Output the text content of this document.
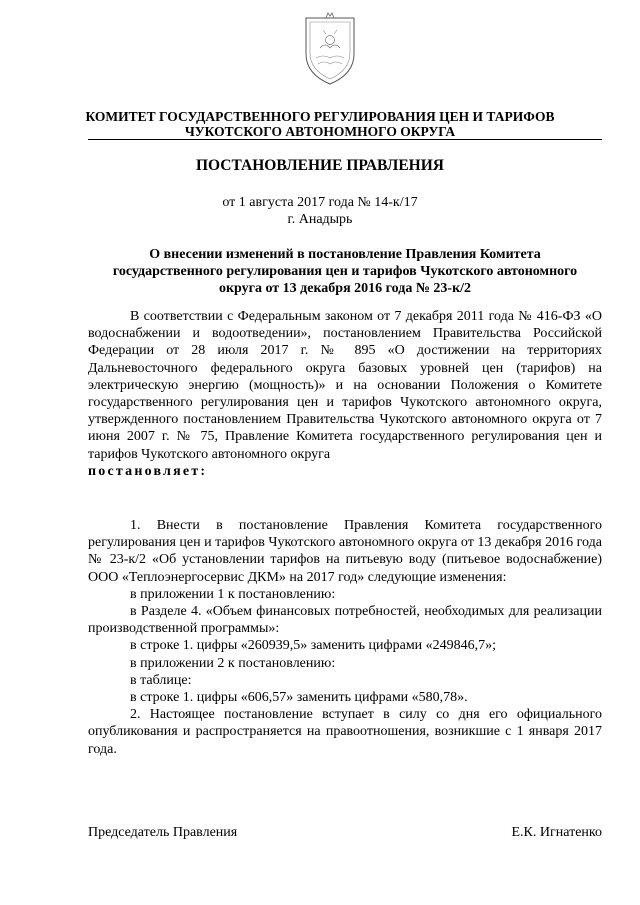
КОМИТЕТ ГОСУДАРСТВЕННОГО РЕГУЛИРОВАНИЯ ЦЕН И ТАРИФОВ
ЧУКОТСКОГО АВТОНОМНОГО ОКРУГА
ПОСТАНОВЛЕНИЕ ПРАВЛЕНИЯ
от 1 августа 2017 года № 14-к/17
г. Анадырь
О внесении изменений в постановление Правления Комитета
государственного регулирования цен и тарифов Чукотского автономного
округа от 13 декабря 2016 года № 23-к/2

В соответствии с Федеральным законом от 7 декабря 2011 года № 416-ФЗ «О водоснабжении и водоотведении», постановлением Правительства Российской Федерации от 28 июля 2017 г. № 895 «О достижении на территориях Дальневосточного федерального округа базовых уровней цен (тарифов) на электрическую энергию (мощность)» и на основании Положения о Комитете государственного регулирования цен и тарифов Чукотского автономного округа, утвержденного постановлением Правительства Чукотского автономного округа от 7 июня 2007 г. № 75, Правление Комитета государственного регулирования цен и тарифов Чукотского автономного округа

постановляет:

1. Внести в постановление Правления Комитета государственного регулирования цен и тарифов Чукотского автономного округа от 13 декабря 2016 года № 23-к/2 «Об установлении тарифов на питьевую воду (питьевое водоснабжение) ООО «Теплоэнергосервис ДКМ» на 2017 год» следующие изменения:

в приложении 1 к постановлению:

в Разделе 4. «Объем финансовых потребностей, необходимых для реализации производственной программы»:

в строке 1. цифры «260939,5» заменить цифрами «249846,7»;

в приложении 2 к постановлению:

в таблице:

в строке 1. цифры «606,57» заменить цифрами «580,78».

2. Настоящее постановление вступает в силу со дня его официального опубликования и распространяется на правоотношения, возникшие с 1 января 2017 года.

Председатель Правления	Е.К. Игнатенко
